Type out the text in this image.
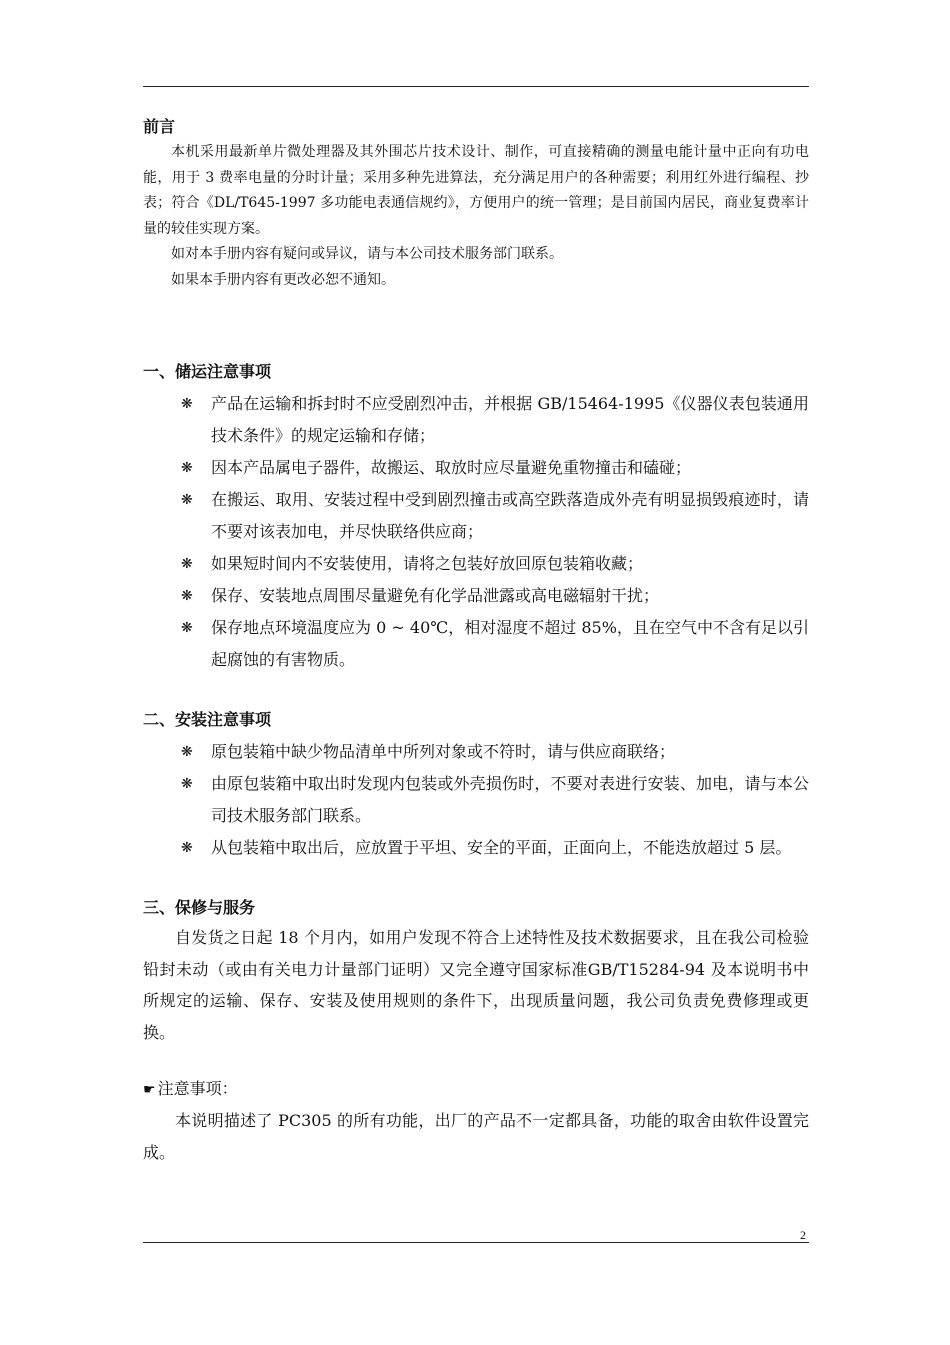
前言

本机采用最新单片微处理器及其外围芯片技术设计、制作，可直接精确的测量电能计量中正向有功电能，用于 3 费率电量的分时计量；采用多种先进算法，充分满足用户的各种需要；利用红外进行编程、抄表；符合《DL/T645-1997 多功能电表通信规约》，方便用户的统一管理；是目前国内居民，商业复费率计量的较佳实现方案。

如对本手册内容有疑问或异议，请与本公司技术服务部门联系。

如果本手册内容有更改必恕不通知。

一、储运注意事项
❋ 产品在运输和拆封时不应受剧烈冲击，并根据 GB/15464-1995《仪器仪表包装通用技术条件》的规定运输和存储；
❋ 因本产品属电子器件，故搬运、取放时应尽量避免重物撞击和磕碰；
❋ 在搬运、取用、安装过程中受到剧烈撞击或高空跌落造成外壳有明显损毁痕迹时，请不要对该表加电，并尽快联络供应商；
❋ 如果短时间内不安装使用，请将之包装好放回原包装箱收藏；
❋ 保存、安装地点周围尽量避免有化学品泄露或高电磁辐射干扰；
❋ 保存地点环境温度应为 0 ~ 40℃，相对湿度不超过 85%，且在空气中不含有足以引起腐蚀的有害物质。
二、安装注意事项
❋ 原包装箱中缺少物品清单中所列对象或不符时，请与供应商联络；
❋ 由原包装箱中取出时发现内包装或外壳损伤时，不要对表进行安装、加电，请与本公司技术服务部门联系。
❋ 从包装箱中取出后，应放置于平坦、安全的平面，正面向上，不能迭放超过 5 层。
三、保修与服务

自发货之日起 18 个月内，如用户发现不符合上述特性及技术数据要求，且在我公司检验铅封未动（或由有关电力计量部门证明）又完全遵守国家标准GB/T15284-94 及本说明书中所规定的运输、保存、安装及使用规则的条件下，出现质量问题，我公司负责免费修理或更换。

☛ 注意事项：

本说明描述了 PC305 的所有功能，出厂的产品不一定都具备，功能的取舍由软件设置完成。

2
